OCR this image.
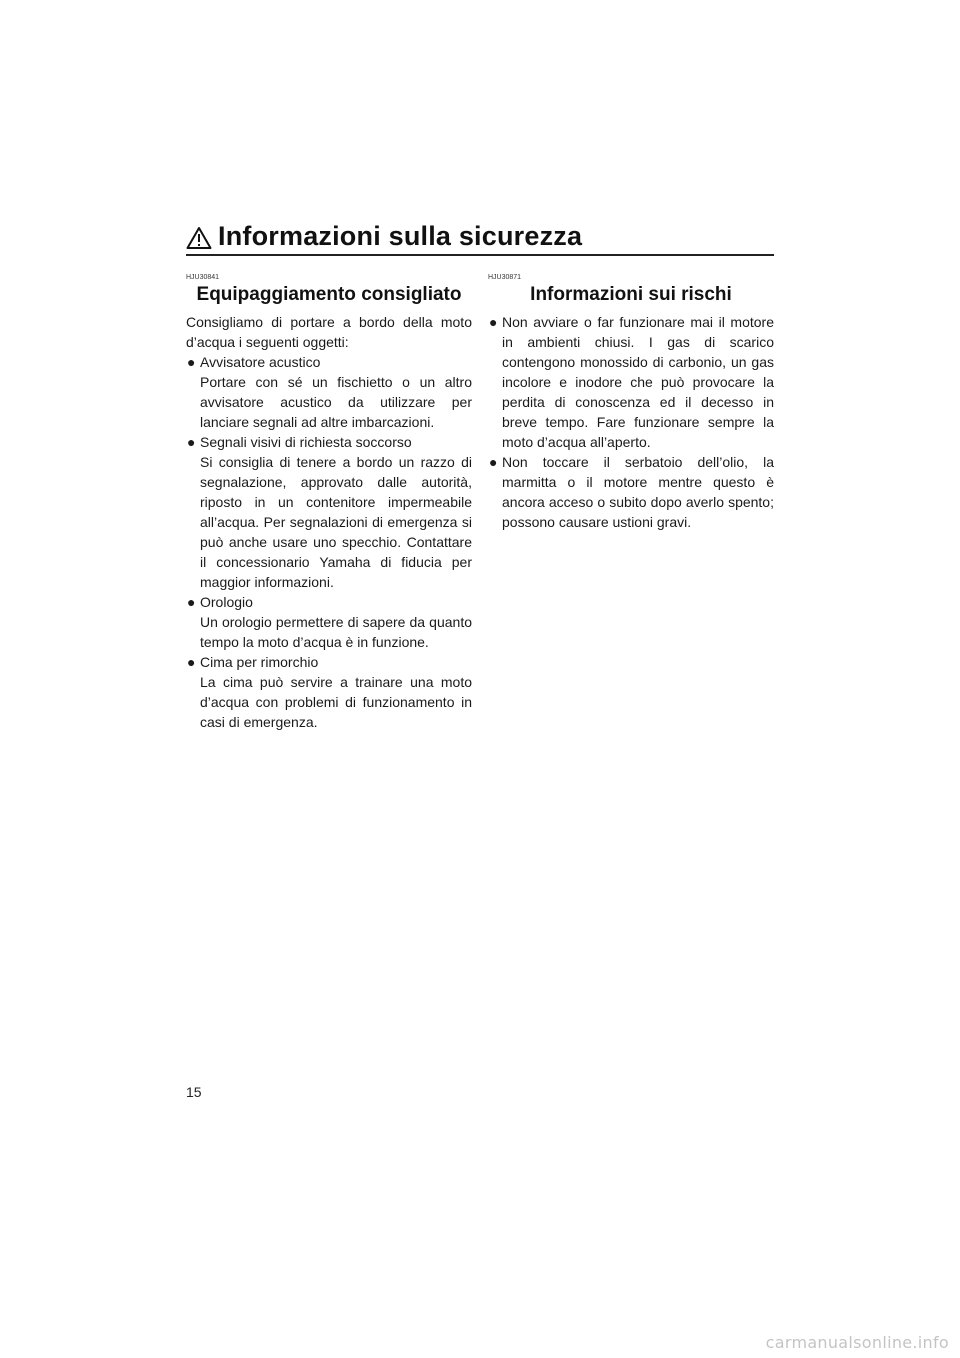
Informazioni sulla sicurezza
HJU30841
Equipaggiamento consigliato

Consigliamo di portare a bordo della moto d’acqua i seguenti oggetti:

● Avvisatore acustico
Portare con sé un fischietto o un altro avvisatore acustico da utilizzare per lanciare segnali ad altre imbarcazioni.
● Segnali visivi di richiesta soccorso
Si consiglia di tenere a bordo un razzo di segnalazione, approvato dalle autorità, riposto in un contenitore impermeabile all’acqua. Per segnalazioni di emergenza si può anche usare uno specchio. Contattare il concessionario Yamaha di fiducia per maggior informazioni.
● Orologio
Un orologio permettere di sapere da quanto tempo la moto d’acqua è in funzione.
● Cima per rimorchio
La cima può servire a trainare una moto d’acqua con problemi di funzionamento in casi di emergenza.
HJU30871
Informazioni sui rischi
● Non avviare o far funzionare mai il motore in ambienti chiusi. I gas di scarico contengono monossido di carbonio, un gas incolore e inodore che può provocare la perdita di conoscenza ed il decesso in breve tempo. Fare funzionare sempre la moto d’acqua all’aperto.
● Non toccare il serbatoio dell’olio, la marmitta o il motore mentre questo è ancora acceso o subito dopo averlo spento; possono causare ustioni gravi.
15
carmanualsonline.info
